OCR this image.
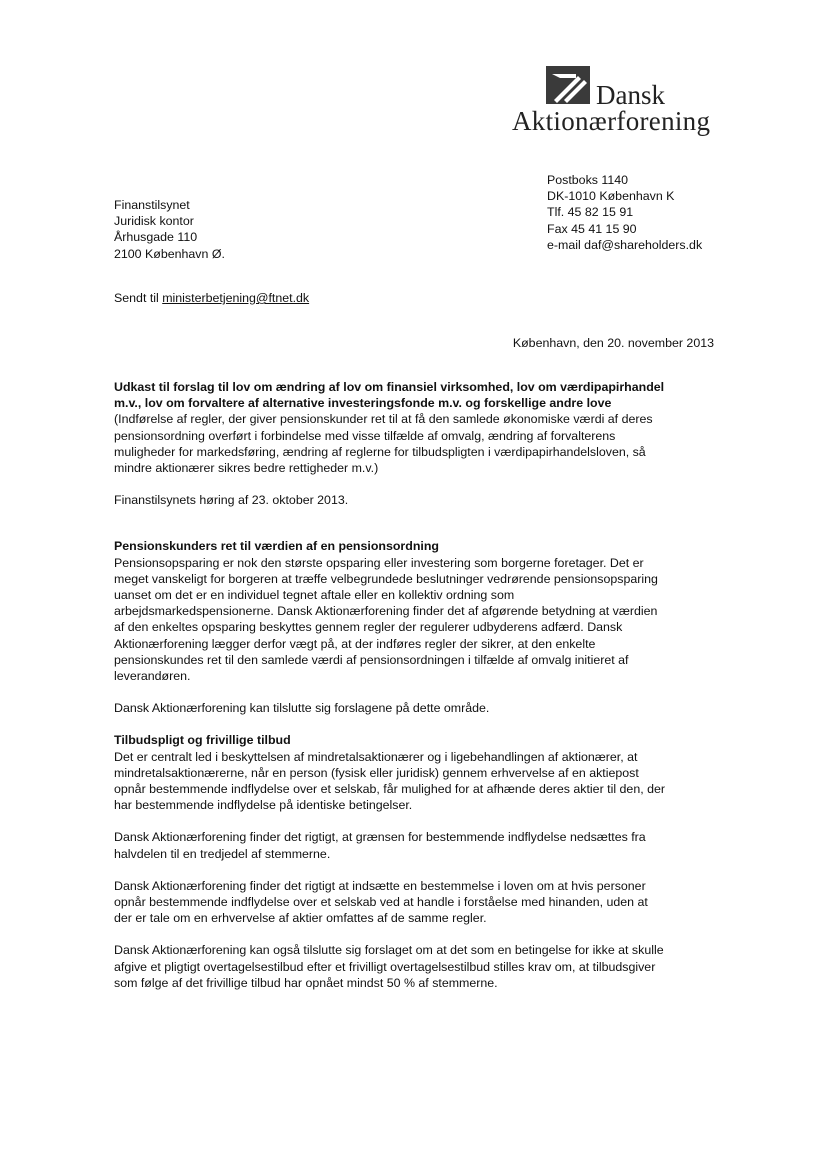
Dansk
Aktionærforening
Postboks 1140
DK-1010 København K
Tlf. 45 82 15 91
Fax 45 41 15 90
e-mail daf@shareholders.dk
Finanstilsynet
Juridisk kontor
Århusgade 110
2100 København Ø.
Sendt til ministerbetjening@ftnet.dk
København, den 20. november 2013
Udkast til forslag til lov om ændring af lov om finansiel virksomhed, lov om værdipapirhandel
m.v., lov om forvaltere af alternative investeringsfonde m.v. og forskellige andre love
(Indførelse af regler, der giver pensionskunder ret til at få den samlede økonomiske værdi af deres
pensionsordning overført i forbindelse med visse tilfælde af omvalg, ændring af forvalterens
muligheder for markedsføring, ændring af reglerne for tilbudspligten i værdipapirhandelsloven, så
mindre aktionærer sikres bedre rettigheder m.v.)
Finanstilsynets høring af 23. oktober 2013.
Pensionskunders ret til værdien af en pensionsordning
Pensionsopsparing er nok den største opsparing eller investering som borgerne foretager. Det er
meget vanskeligt for borgeren at træffe velbegrundede beslutninger vedrørende pensionsopsparing
uanset om det er en individuel tegnet aftale eller en kollektiv ordning som
arbejdsmarkedspensionerne. Dansk Aktionærforening finder det af afgørende betydning at værdien
af den enkeltes opsparing beskyttes gennem regler der regulerer udbyderens adfærd. Dansk
Aktionærforening lægger derfor vægt på, at der indføres regler der sikrer, at den enkelte
pensionskundes ret til den samlede værdi af pensionsordningen i tilfælde af omvalg initieret af
leverandøren.
Dansk Aktionærforening kan tilslutte sig forslagene på dette område.
Tilbudspligt og frivillige tilbud
Det er centralt led i beskyttelsen af mindretalsaktionærer og i ligebehandlingen af aktionærer, at
mindretalsaktionærerne, når en person (fysisk eller juridisk) gennem erhvervelse af en aktiepost
opnår bestemmende indflydelse over et selskab, får mulighed for at afhænde deres aktier til den, der
har bestemmende indflydelse på identiske betingelser.
Dansk Aktionærforening finder det rigtigt, at grænsen for bestemmende indflydelse nedsættes fra
halvdelen til en tredjedel af stemmerne.
Dansk Aktionærforening finder det rigtigt at indsætte en bestemmelse i loven om at hvis personer
opnår bestemmende indflydelse over et selskab ved at handle i forståelse med hinanden, uden at
der er tale om en erhvervelse af aktier omfattes af de samme regler.
Dansk Aktionærforening kan også tilslutte sig forslaget om at det som en betingelse for ikke at skulle
afgive et pligtigt overtagelsestilbud efter et frivilligt overtagelsestilbud stilles krav om, at tilbudsgiver
som følge af det frivillige tilbud har opnået mindst 50 % af stemmerne.
